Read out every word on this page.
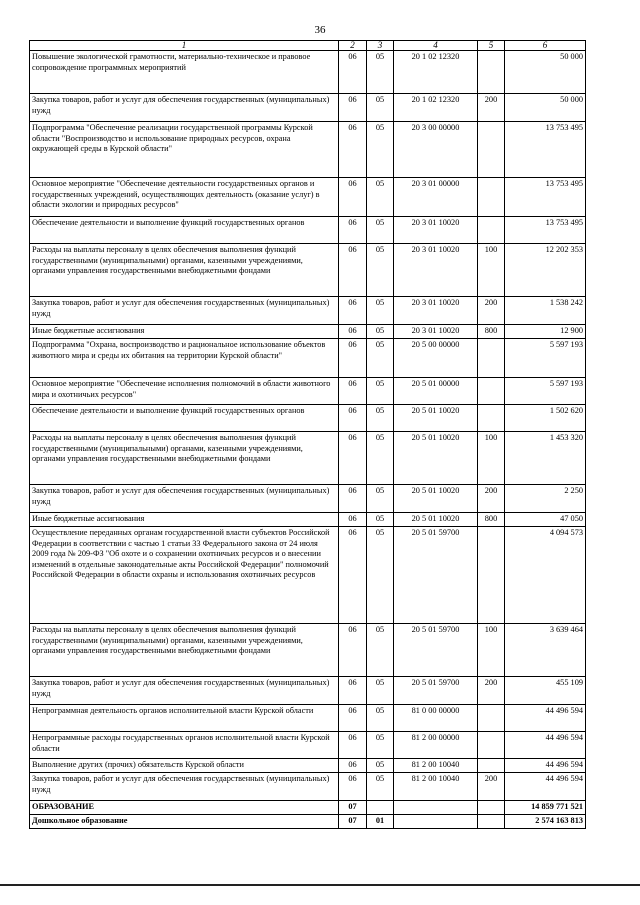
36
1	2	3	4	5	6
Повышение экологической грамотности, материально-техническое и правовое сопровождение программных мероприятий	06	05	20 1 02 12320		50 000
Закупка товаров, работ и услуг для обеспечения государственных (муниципальных) нужд	06	05	20 1 02 12320	200	50 000
Подпрограмма "Обеспечение реализации государственной программы Курской области "Воспроизводство и использование природных ресурсов, охрана окружающей среды в Курской области"	06	05	20 3 00 00000		13 753 495
Основное мероприятие "Обеспечение деятельности государственных органов и государственных учреждений, осуществляющих деятельность (оказание услуг) в области экологии и природных ресурсов"	06	05	20 3 01 00000		13 753 495
Обеспечение деятельности и выполнение функций государственных органов	06	05	20 3 01 10020		13 753 495
Расходы на выплаты персоналу в целях обеспечения выполнения функций государственными (муниципальными) органами, казенными учреждениями, органами управления государственными внебюджетными фондами	06	05	20 3 01 10020	100	12 202 353
Закупка товаров, работ и услуг для обеспечения государственных (муниципальных) нужд	06	05	20 3 01 10020	200	1 538 242
Иные бюджетные ассигнования	06	05	20 3 01 10020	800	12 900
Подпрограмма "Охрана, воспроизводство и рациональное использование объектов животного мира и среды их обитания на территории Курской области"	06	05	20 5 00 00000		5 597 193
Основное мероприятие "Обеспечение исполнения полномочий в области животного мира и охотничьих ресурсов"	06	05	20 5 01 00000		5 597 193
Обеспечение деятельности и выполнение функций государственных органов	06	05	20 5 01 10020		1 502 620
Расходы на выплаты персоналу в целях обеспечения выполнения функций государственными (муниципальными) органами, казенными учреждениями, органами управления государственными внебюджетными фондами	06	05	20 5 01 10020	100	1 453 320
Закупка товаров, работ и услуг для обеспечения государственных (муниципальных) нужд	06	05	20 5 01 10020	200	2 250
Иные бюджетные ассигнования	06	05	20 5 01 10020	800	47 050
Осуществление переданных органам государственной власти субъектов Российской Федерации в соответствии с частью 1 статьи 33 Федерального закона от 24 июля 2009 года № 209-ФЗ "Об охоте и о сохранении охотничьих ресурсов и о внесении изменений в отдельные законодательные акты Российской Федерации" полномочий Российской Федерации в области охраны и использования охотничьих ресурсов	06	05	20 5 01 59700		4 094 573
Расходы на выплаты персоналу в целях обеспечения выполнения функций государственными (муниципальными) органами, казенными учреждениями, органами управления государственными внебюджетными фондами	06	05	20 5 01 59700	100	3 639 464
Закупка товаров, работ и услуг для обеспечения государственных (муниципальных) нужд	06	05	20 5 01 59700	200	455 109
Непрограммная деятельность органов исполнительной власти Курской области	06	05	81 0 00 00000		44 496 594
Непрограммные расходы государственных органов исполнительной власти Курской области	06	05	81 2 00 00000		44 496 594
Выполнение других (прочих) обязательств Курской области	06	05	81 2 00 10040		44 496 594
Закупка товаров, работ и услуг для обеспечения государственных (муниципальных) нужд	06	05	81 2 00 10040	200	44 496 594
ОБРАЗОВАНИЕ	07				14 859 771 521
Дошкольное образование	07	01			2 574 163 813
